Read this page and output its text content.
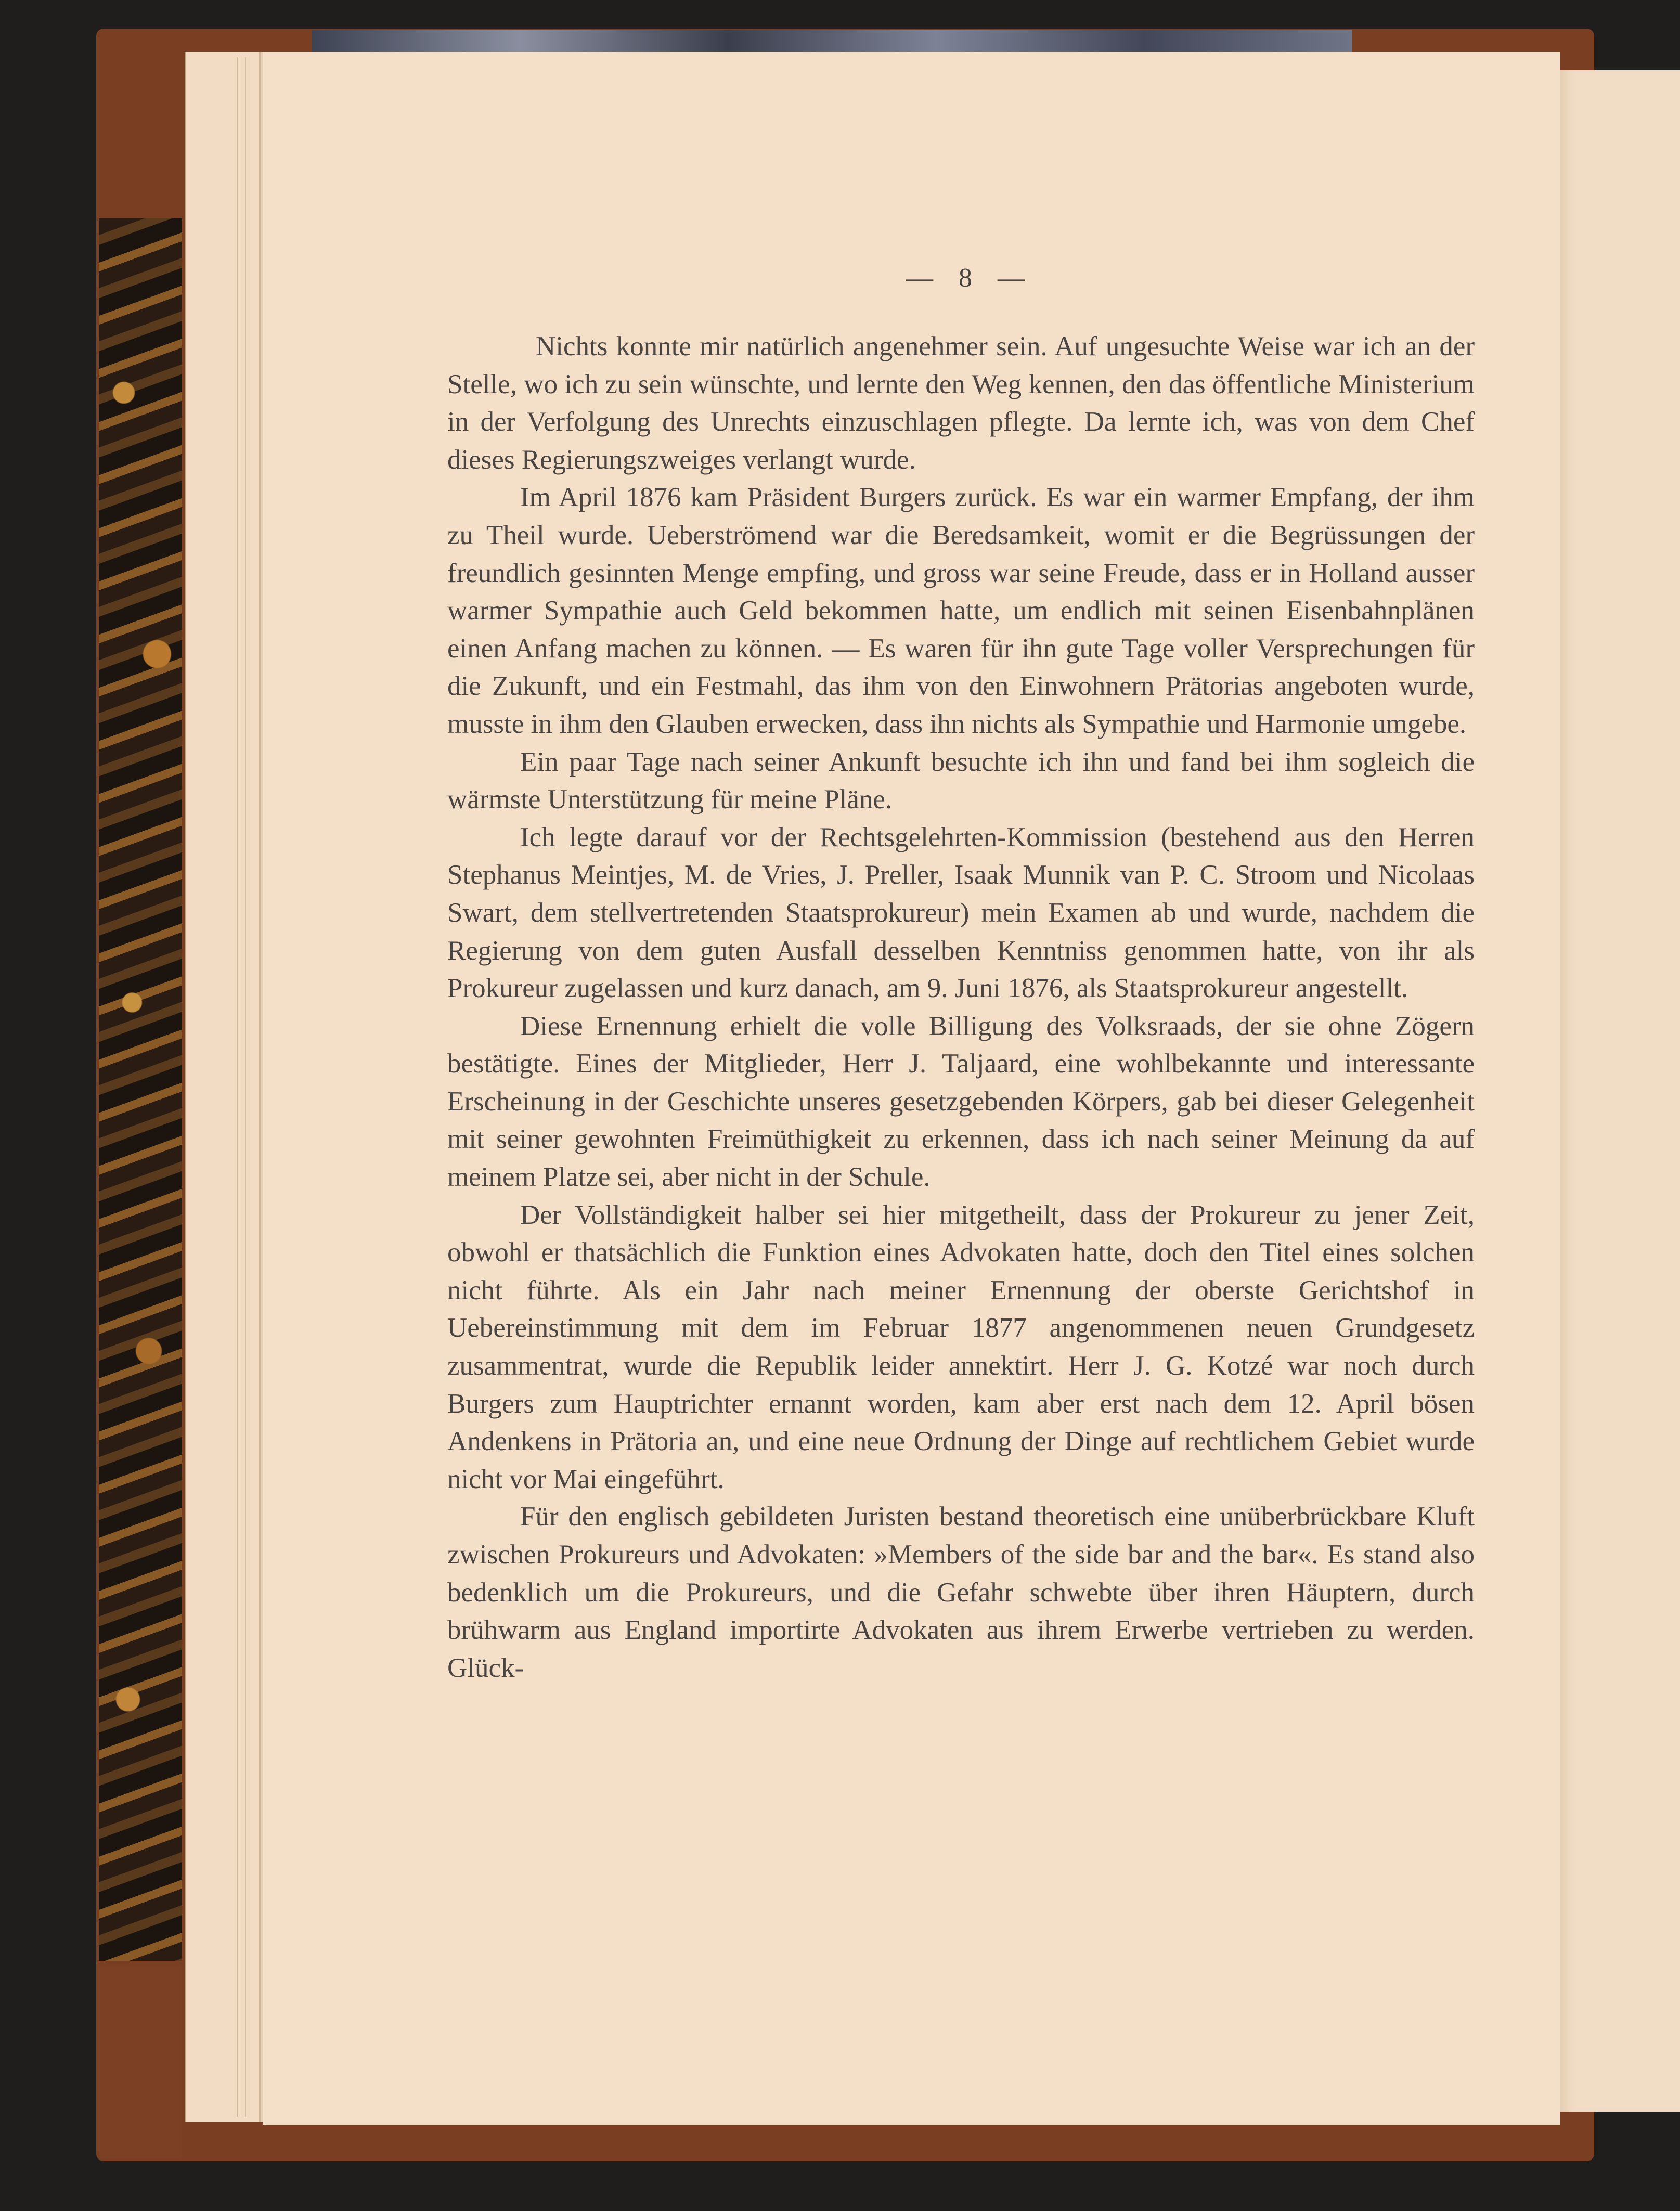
— 8 —

Nichts konnte mir natürlich angenehmer sein. Auf ungesuchte Weise war ich an der Stelle, wo ich zu sein wünschte, und lernte den Weg kennen, den das öffentliche Ministerium in der Verfolgung des Unrechts einzuschlagen pflegte. Da lernte ich, was von dem Chef dieses Regierungszweiges verlangt wurde.

Im April 1876 kam Präsident Burgers zurück. Es war ein warmer Empfang, der ihm zu Theil wurde. Ueberströmend war die Beredsamkeit, womit er die Begrüssungen der freundlich gesinnten Menge empfing, und gross war seine Freude, dass er in Holland ausser warmer Sympathie auch Geld bekommen hatte, um endlich mit seinen Eisenbahnplänen einen Anfang machen zu können. — Es waren für ihn gute Tage voller Versprechungen für die Zukunft, und ein Festmahl, das ihm von den Einwohnern Prätorias angeboten wurde, musste in ihm den Glauben erwecken, dass ihn nichts als Sympathie und Harmonie umgebe.

Ein paar Tage nach seiner Ankunft besuchte ich ihn und fand bei ihm sogleich die wärmste Unterstützung für meine Pläne.

Ich legte darauf vor der Rechtsgelehrten-Kommission (bestehend aus den Herren Stephanus Meintjes, M. de Vries, J. Preller, Isaak Munnik van P. C. Stroom und Nicolaas Swart, dem stellvertretenden Staatsprokureur) mein Examen ab und wurde, nachdem die Regierung von dem guten Ausfall desselben Kenntniss genommen hatte, von ihr als Prokureur zugelassen und kurz danach, am 9. Juni 1876, als Staatsprokureur angestellt.

Diese Ernennung erhielt die volle Billigung des Volksraads, der sie ohne Zögern bestätigte. Eines der Mitglieder, Herr J. Taljaard, eine wohlbekannte und interessante Erscheinung in der Geschichte unseres gesetzgebenden Körpers, gab bei dieser Gelegenheit mit seiner gewohnten Freimüthigkeit zu erkennen, dass ich nach seiner Meinung da auf meinem Platze sei, aber nicht in der Schule.

Der Vollständigkeit halber sei hier mitgetheilt, dass der Prokureur zu jener Zeit, obwohl er thatsächlich die Funktion eines Advokaten hatte, doch den Titel eines solchen nicht führte. Als ein Jahr nach meiner Ernennung der oberste Gerichtshof in Uebereinstimmung mit dem im Februar 1877 angenommenen neuen Grundgesetz zusammentrat, wurde die Republik leider annektirt. Herr J. G. Kotzé war noch durch Burgers zum Hauptrichter ernannt worden, kam aber erst nach dem 12. April bösen Andenkens in Prätoria an, und eine neue Ordnung der Dinge auf rechtlichem Gebiet wurde nicht vor Mai eingeführt.

Für den englisch gebildeten Juristen bestand theoretisch eine unüberbrückbare Kluft zwischen Prokureurs und Advokaten: »Members of the side bar and the bar«. Es stand also bedenklich um die Prokureurs, und die Gefahr schwebte über ihren Häuptern, durch brühwarm aus England importirte Advokaten aus ihrem Erwerbe vertrieben zu werden. Glück-
